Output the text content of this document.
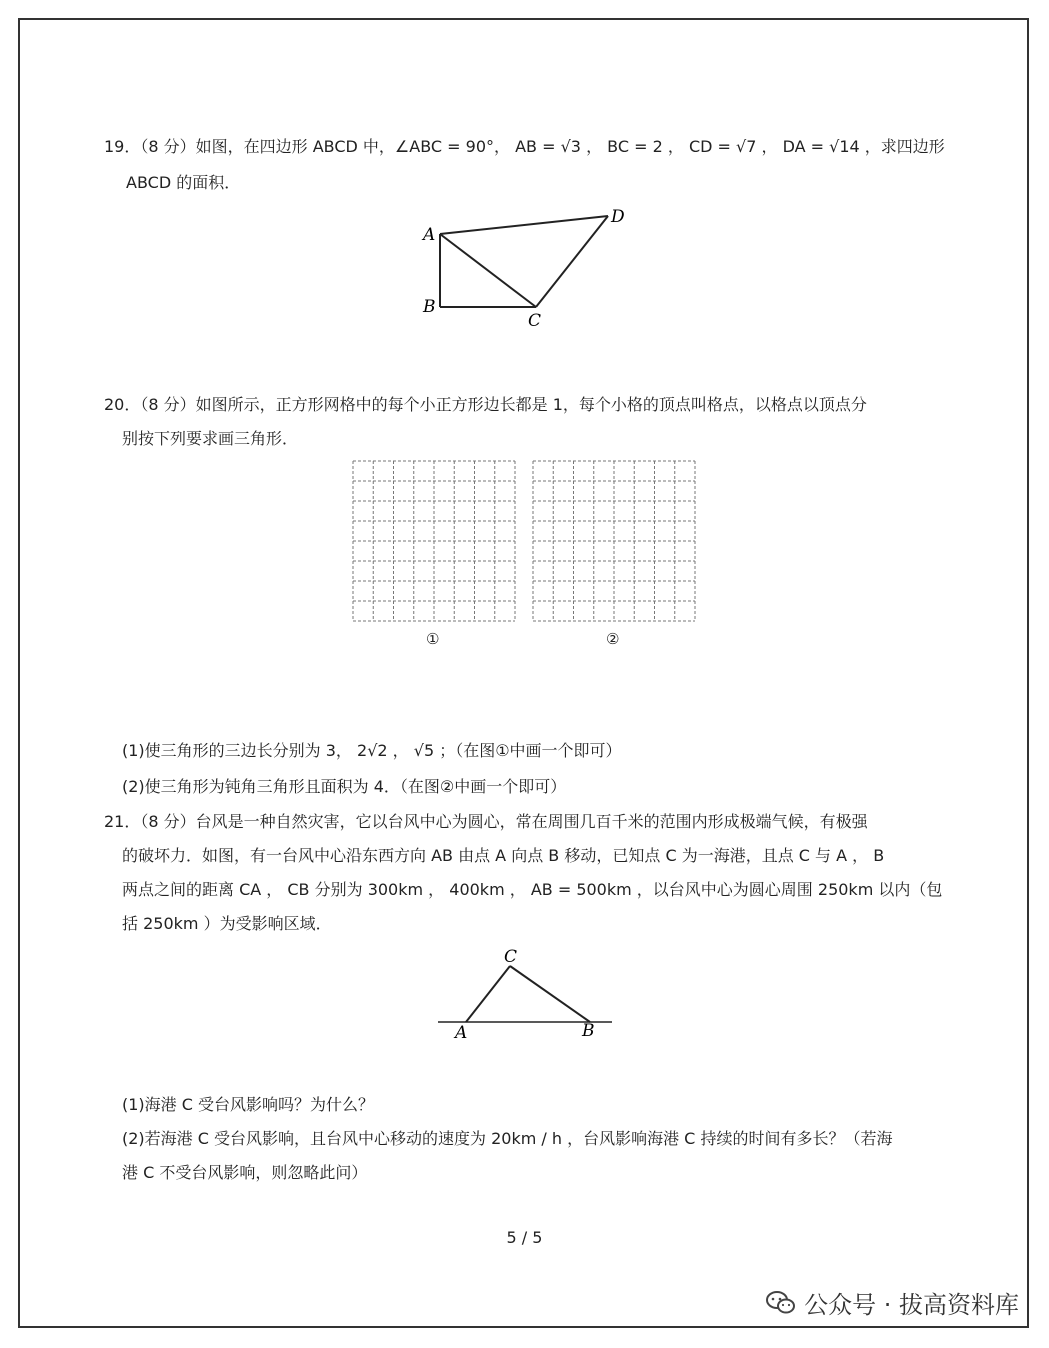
19．（8 分）如图，在四边形 ABCD 中，∠ABC = 90°， AB = √3 ， BC = 2 ， CD = √7 ， DA = √14 ，求四边形
ABCD 的面积．
A
D
B
C
20．（8 分）如图所示，正方形网格中的每个小正方形边长都是 1，每个小格的顶点叫格点，以格点以顶点分
别按下列要求画三角形．
①	②
(1)使三角形的三边长分别为 3， 2√2 ， √5 ；（在图①中画一个即可）
(2)使三角形为钝角三角形且面积为 4．（在图②中画一个即可）
21．（8 分）台风是一种自然灾害，它以台风中心为圆心，常在周围几百千米的范围内形成极端气候，有极强
的破坏力．如图，有一台风中心沿东西方向 AB 由点 A 向点 B 移动，已知点 C 为一海港，且点 C 与 A ， B
两点之间的距离 CA ， CB 分别为 300km ， 400km ， AB = 500km ，以台风中心为圆心周围 250km 以内（包
括 250km ）为受影响区域．
C
A	B
(1)海港 C 受台风影响吗？为什么？
(2)若海港 C 受台风影响，且台风中心移动的速度为 20km / h ，台风影响海港 C 持续的时间有多长？（若海
港 C 不受台风影响，则忽略此问）
5 / 5
公众号 · 拔高资料库
